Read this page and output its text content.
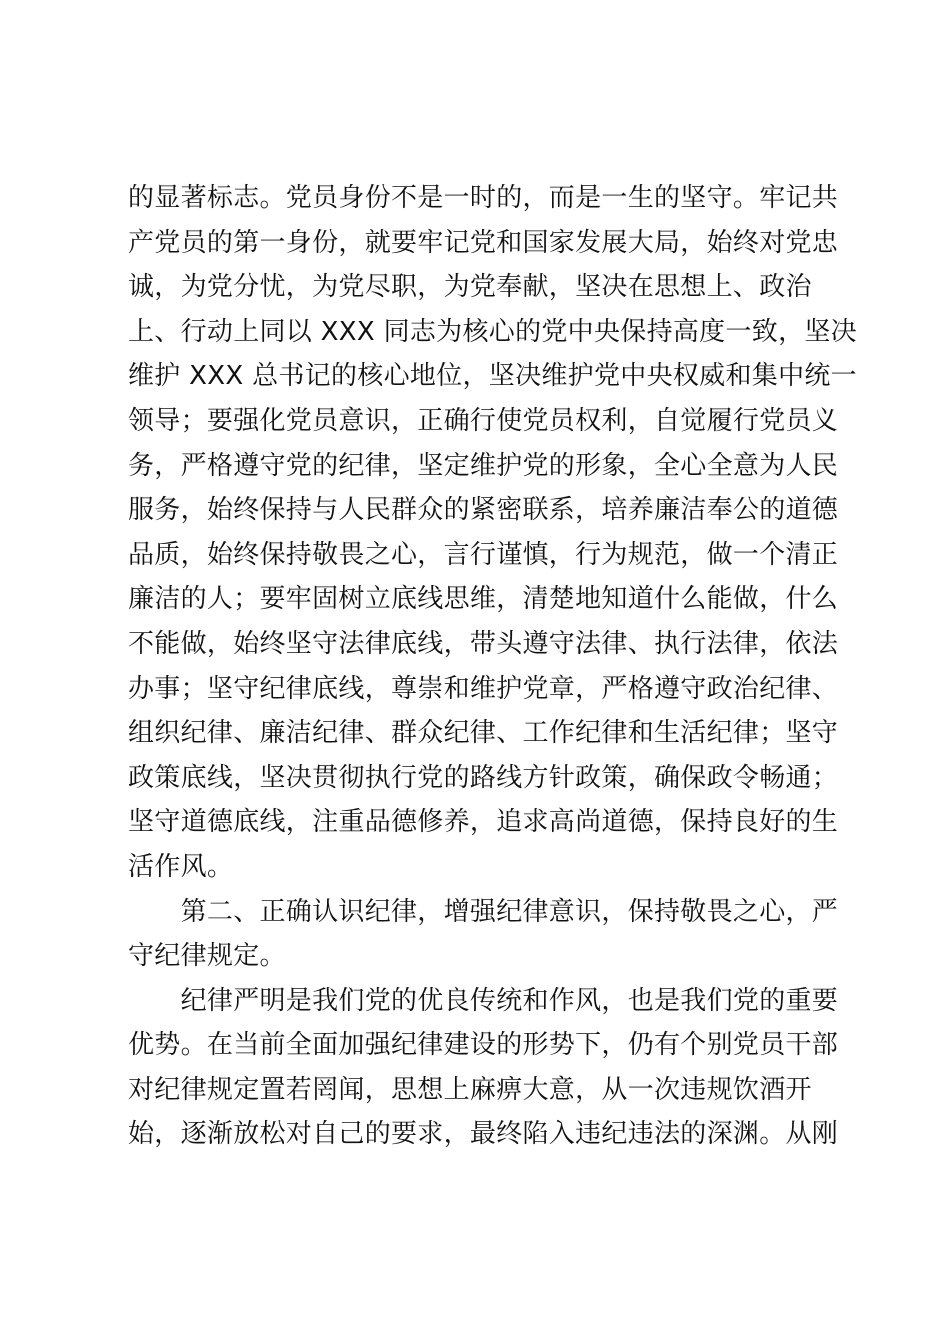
的显著标志。党员身份不是一时的，而是一生的坚守。牢记共
产党员的第一身份，就要牢记党和国家发展大局，始终对党忠
诚，为党分忧，为党尽职，为党奉献，坚决在思想上、政治
上、行动上同以 XXX 同志为核心的党中央保持高度一致，坚决
维护 XXX 总书记的核心地位，坚决维护党中央权威和集中统一
领导；要强化党员意识，正确行使党员权利，自觉履行党员义
务，严格遵守党的纪律，坚定维护党的形象，全心全意为人民
服务，始终保持与人民群众的紧密联系，培养廉洁奉公的道德
品质，始终保持敬畏之心，言行谨慎，行为规范，做一个清正
廉洁的人；要牢固树立底线思维，清楚地知道什么能做，什么
不能做，始终坚守法律底线，带头遵守法律、执行法律，依法
办事；坚守纪律底线，尊崇和维护党章，严格遵守政治纪律、
组织纪律、廉洁纪律、群众纪律、工作纪律和生活纪律；坚守
政策底线，坚决贯彻执行党的路线方针政策，确保政令畅通；
坚守道德底线，注重品德修养，追求高尚道德，保持良好的生
活作风。
　　第二、正确认识纪律，增强纪律意识，保持敬畏之心，严
守纪律规定。
　　纪律严明是我们党的优良传统和作风，也是我们党的重要
优势。在当前全面加强纪律建设的形势下，仍有个别党员干部
对纪律规定置若罔闻，思想上麻痹大意，从一次违规饮酒开
始，逐渐放松对自己的要求，最终陷入违纪违法的深渊。从刚
